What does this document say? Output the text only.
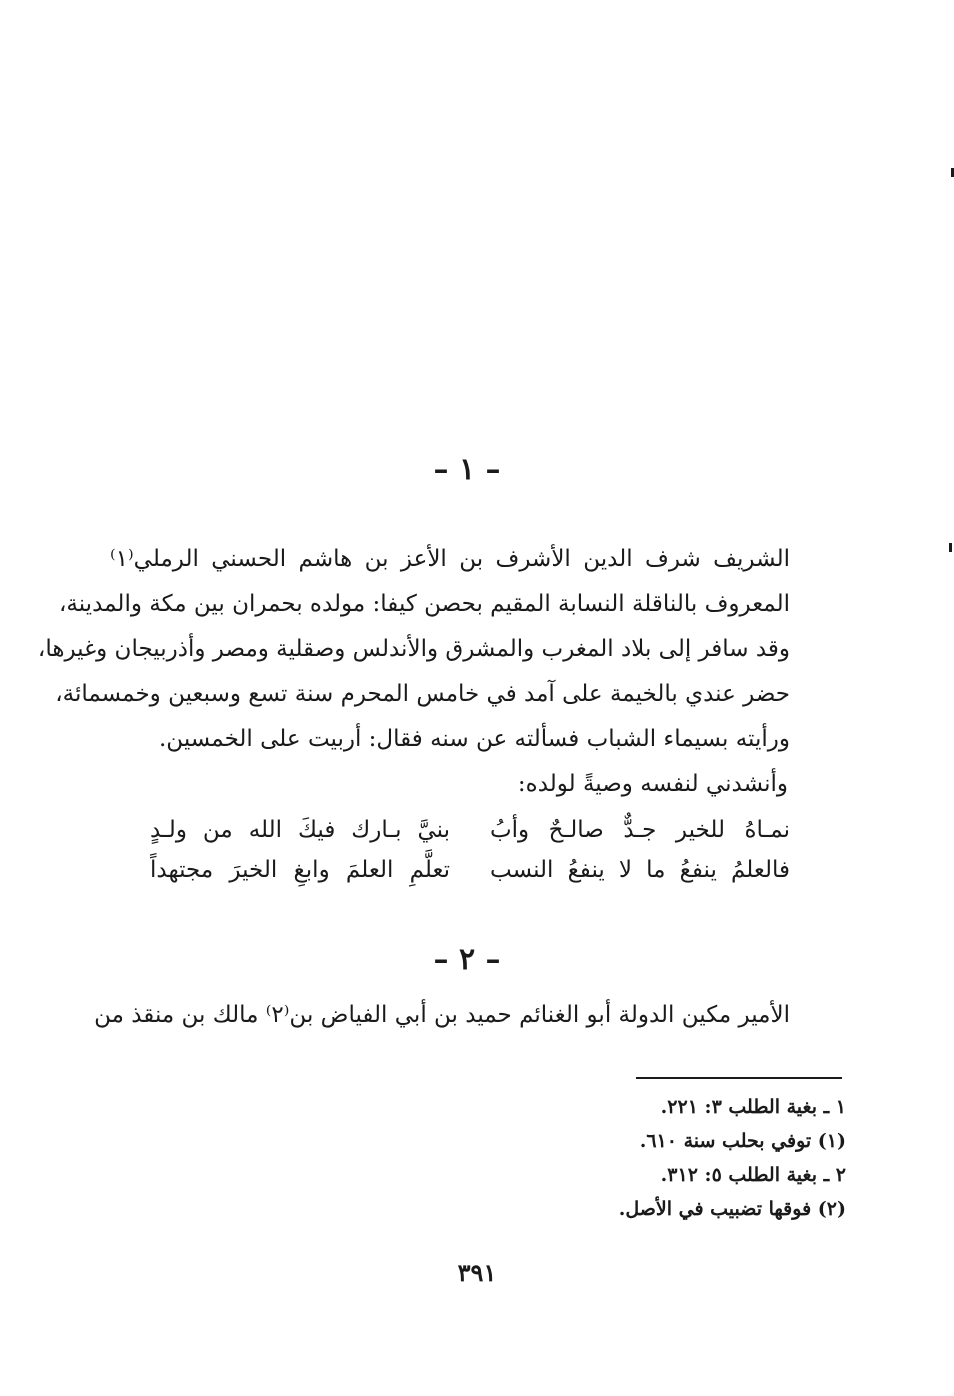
– ١ –
الشريف شرف الدين الأشرف بن الأعز بن هاشم الحسني الرملي⁽١⁾
المعروف بالناقلة النسابة المقيم بحصن كيفا: مولده بحمران بين مكة والمدينة،
وقد سافر إلى بلاد المغرب والمشرق والأندلس وصقلية ومصر وأذربيجان وغيرها،
حضر عندي بالخيمة على آمد في خامس المحرم سنة تسع وسبعين وخمسمائة،
ورأيته بسيماء الشباب فسألته عن سنه فقال: أربيت على الخمسين.
وأنشدني لنفسه وصيةً لولده:
بنيَّ بـارك فيكَ الله من ولـدٍ نمـاهُ للخير جـدٌّ صالـحٌ وأبُ
تعلَّمِ العلمَ وابغِ الخيرَ مجتهداً فالعلمُ ينفعُ ما لا ينفعُ النسب
– ٢ –
الأمير مكين الدولة أبو الغنائم حميد بن أبي الفياض بن⁽٢⁾ مالك بن منقذ من
١ ـ بغية الطلب ٣: ٢٢١.
(١) توفي بحلب سنة ٦١٠.
٢ ـ بغية الطلب ٥: ٣١٢.
(٢) فوقها تضبيب في الأصل.
٣٩١
